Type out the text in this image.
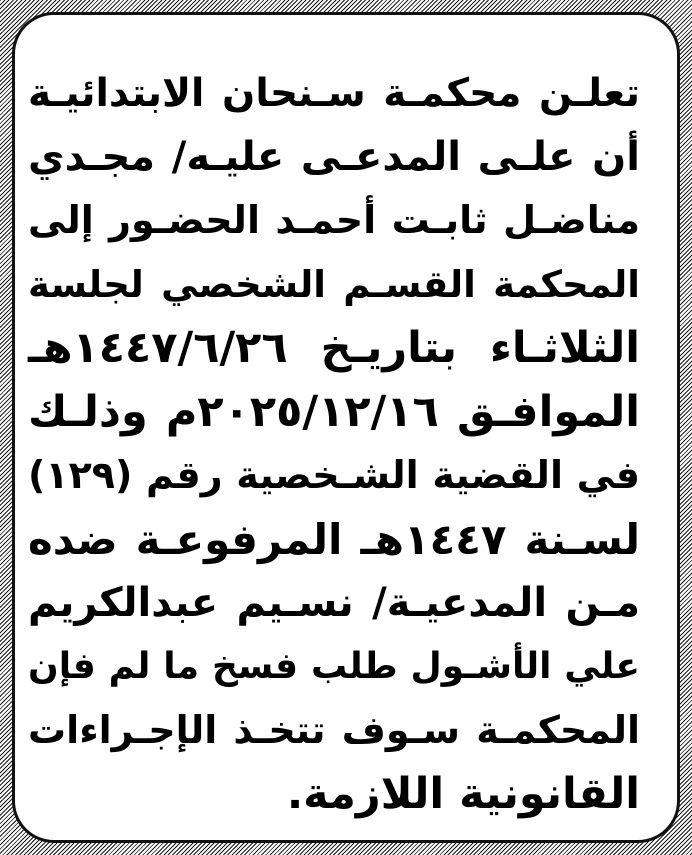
تعلـن محكمـة سـنحان الابتدائيـة
أن علـى المدعـى عليـه/ مجـدي
مناضـل ثابـت أحمـد الحضـور إلى
المحكمة القسـم الشخصي لجلسة
الثلاثـاء بتاريـخ ١٤٤٧/٦/٢٦هـ
الموافـق ٢٠٢٥/١٢/١٦م وذلـك
في القضية الشـخصية رقم (١٢٩)
لسـنة ١٤٤٧هـ المرفوعـة ضده
مـن المدعيـة/ نسـيم عبدالكريم
علي الأشـول طلب فسخ ما لم فإن
المحكمـة سـوف تتخـذ الإجـراءات
القانونية اللازمة.
